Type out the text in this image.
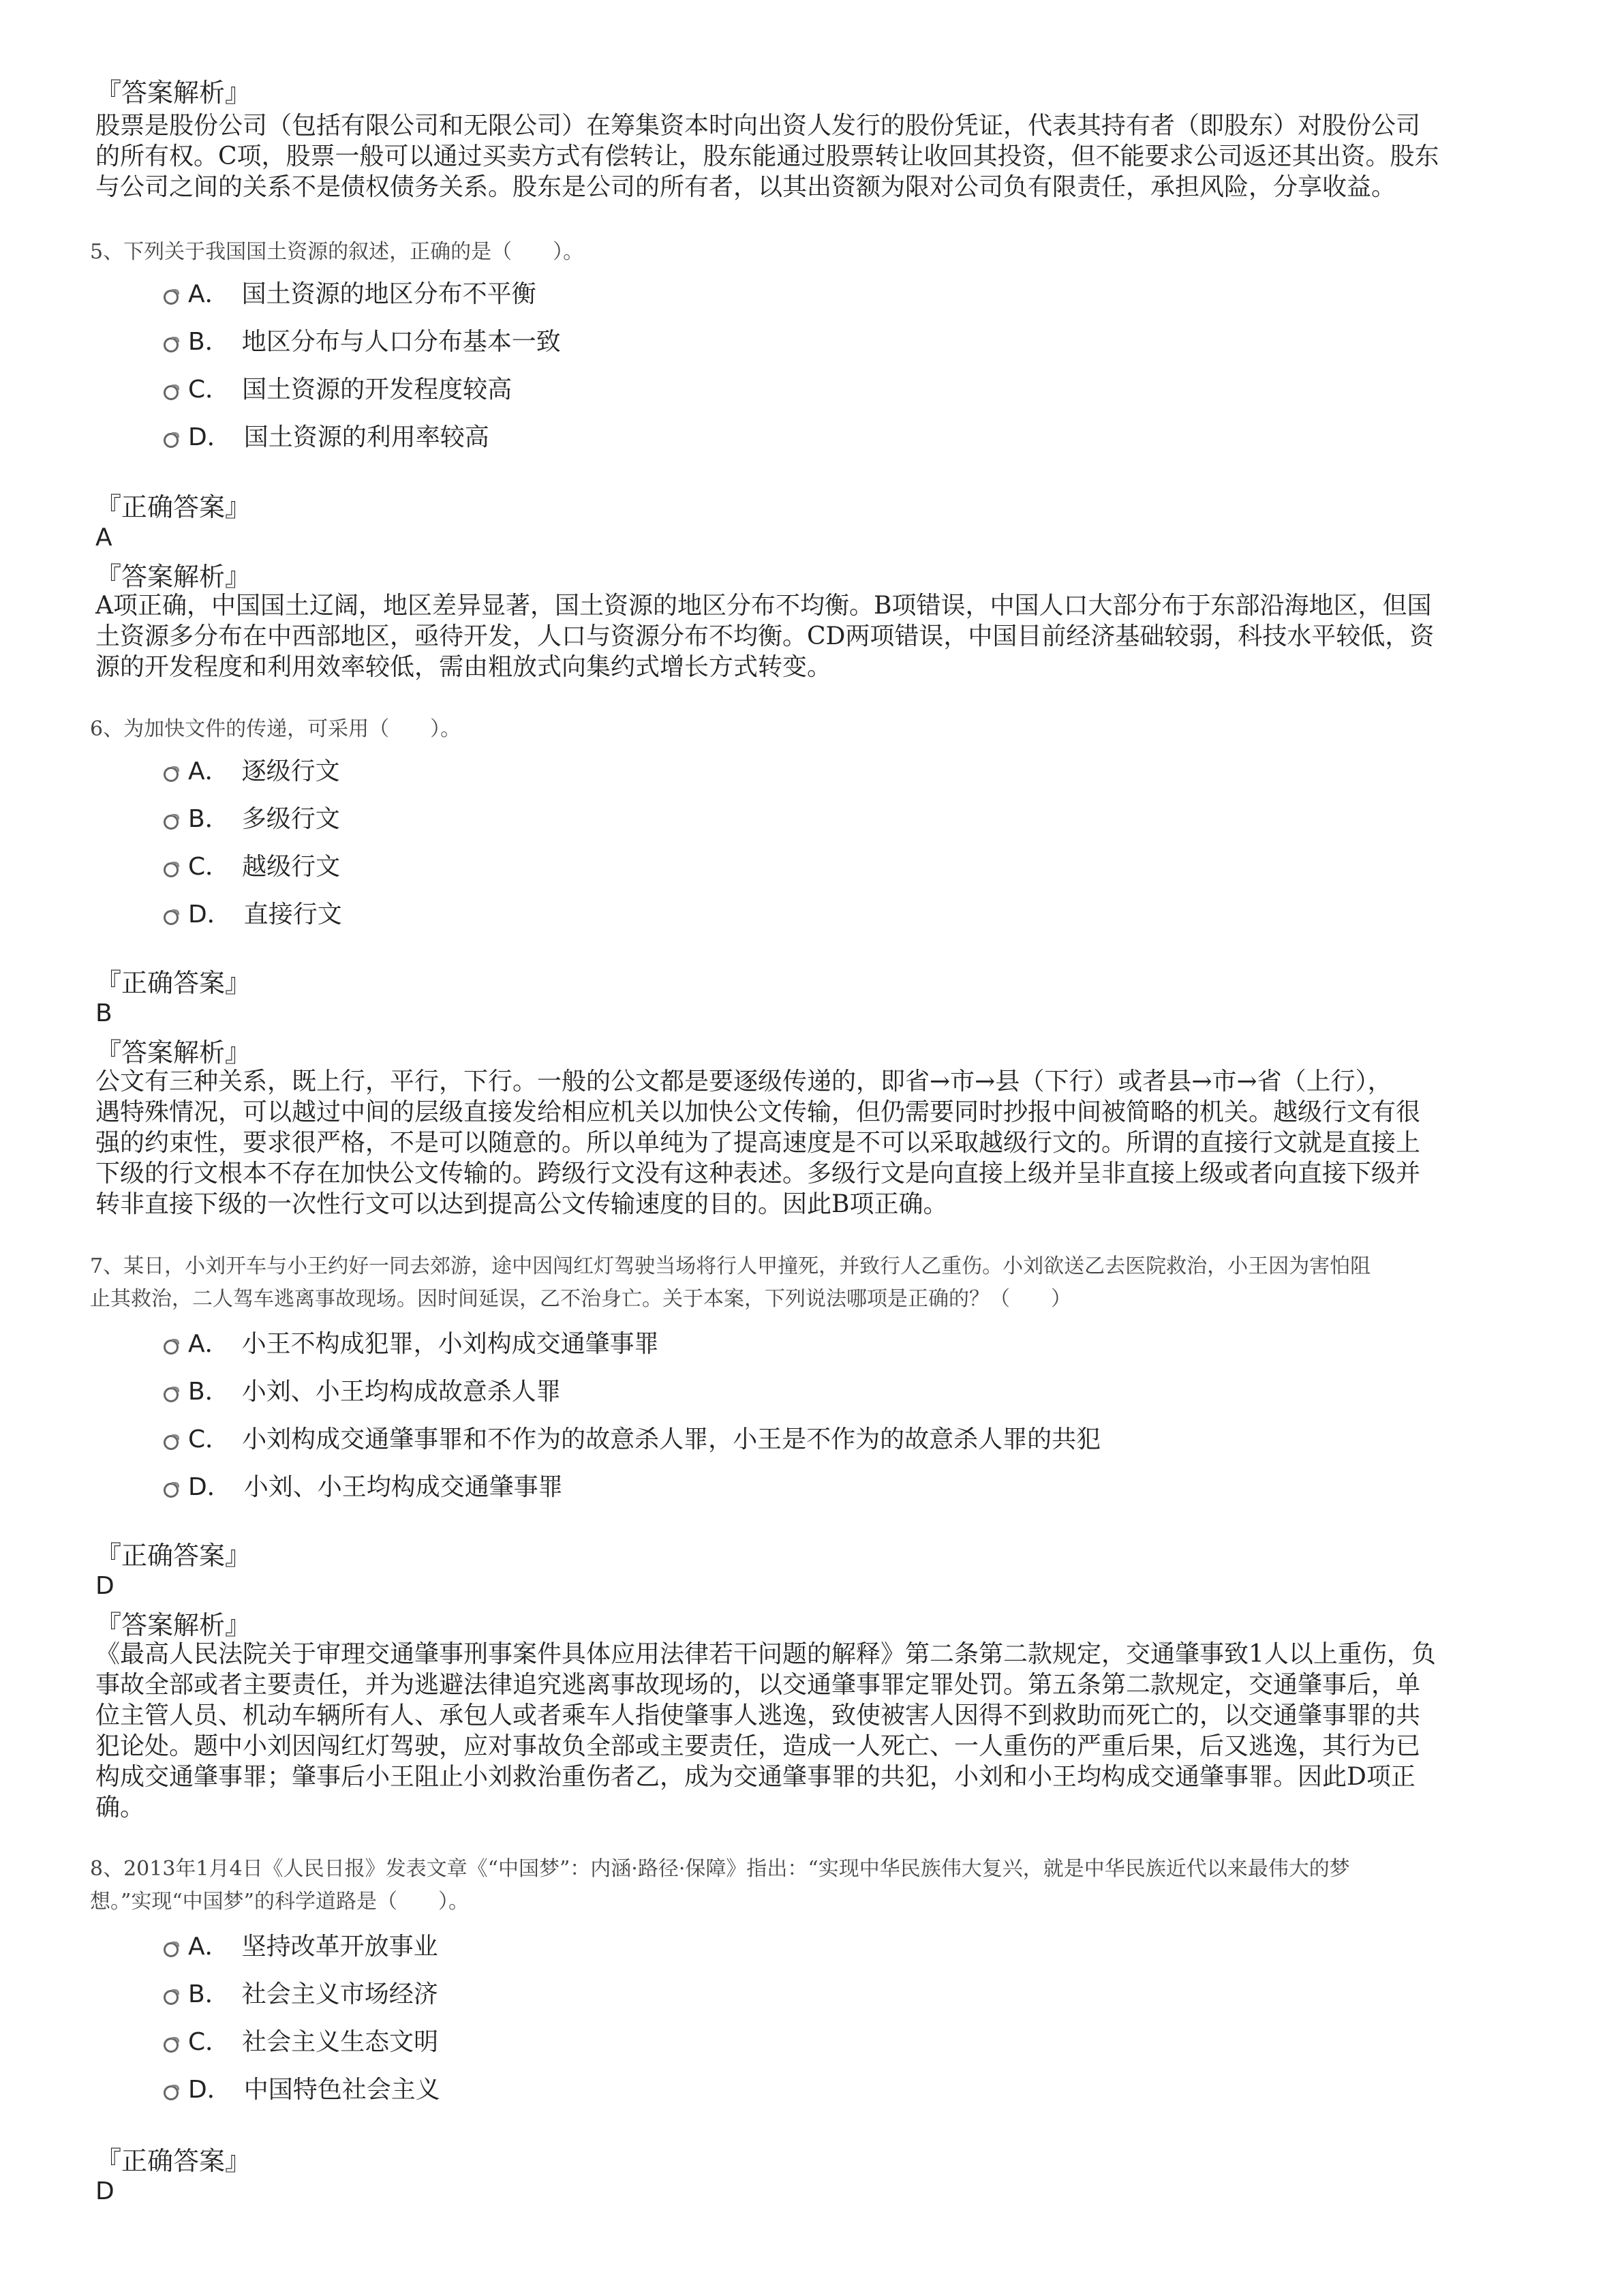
『答案解析』

股票是股份公司（包括有限公司和无限公司）在筹集资本时向出资人发行的股份凭证，代表其持有者（即股东）对股份公司

的所有权。C项，股票一般可以通过买卖方式有偿转让，股东能通过股票转让收回其投资，但不能要求公司返还其出资。股东

与公司之间的关系不是债权债务关系。股东是公司的所有者，以其出资额为限对公司负有限责任，承担风险，分享收益。

5、下列关于我国国土资源的叙述，正确的是（　　）。

A． 国土资源的地区分布不平衡
B． 地区分布与人口分布基本一致
C． 国土资源的开发程度较高
D． 国土资源的利用率较高
『正确答案』
A
『答案解析』

A项正确，中国国土辽阔，地区差异显著，国土资源的地区分布不均衡。B项错误，中国人口大部分布于东部沿海地区，但国

土资源多分布在中西部地区，亟待开发，人口与资源分布不均衡。CD两项错误，中国目前经济基础较弱，科技水平较低，资

源的开发程度和利用效率较低，需由粗放式向集约式增长方式转变。

6、为加快文件的传递，可采用（　　）。

A． 逐级行文
B． 多级行文
C． 越级行文
D． 直接行文
『正确答案』
B
『答案解析』

公文有三种关系，既上行，平行，下行。一般的公文都是要逐级传递的，即省→市→县（下行）或者县→市→省（上行），

遇特殊情况，可以越过中间的层级直接发给相应机关以加快公文传输，但仍需要同时抄报中间被简略的机关。越级行文有很

强的约束性，要求很严格，不是可以随意的。所以单纯为了提高速度是不可以采取越级行文的。所谓的直接行文就是直接上

下级的行文根本不存在加快公文传输的。跨级行文没有这种表述。多级行文是向直接上级并呈非直接上级或者向直接下级并

转非直接下级的一次性行文可以达到提高公文传输速度的目的。因此B项正确。

7、某日，小刘开车与小王约好一同去郊游，途中因闯红灯驾驶当场将行人甲撞死，并致行人乙重伤。小刘欲送乙去医院救治，小王因为害怕阻

止其救治，二人驾车逃离事故现场。因时间延误，乙不治身亡。关于本案，下列说法哪项是正确的？（　　）

A． 小王不构成犯罪，小刘构成交通肇事罪
B． 小刘、小王均构成故意杀人罪
C． 小刘构成交通肇事罪和不作为的故意杀人罪，小王是不作为的故意杀人罪的共犯
D． 小刘、小王均构成交通肇事罪
『正确答案』
D
『答案解析』

《最高人民法院关于审理交通肇事刑事案件具体应用法律若干问题的解释》第二条第二款规定，交通肇事致1人以上重伤，负

事故全部或者主要责任，并为逃避法律追究逃离事故现场的，以交通肇事罪定罪处罚。第五条第二款规定，交通肇事后，单

位主管人员、机动车辆所有人、承包人或者乘车人指使肇事人逃逸，致使被害人因得不到救助而死亡的，以交通肇事罪的共

犯论处。题中小刘因闯红灯驾驶，应对事故负全部或主要责任，造成一人死亡、一人重伤的严重后果，后又逃逸，其行为已

构成交通肇事罪；肇事后小王阻止小刘救治重伤者乙，成为交通肇事罪的共犯，小刘和小王均构成交通肇事罪。因此D项正

确。

8、2013年1月4日《人民日报》发表文章《“中国梦”：内涵·路径·保障》指出：“实现中华民族伟大复兴，就是中华民族近代以来最伟大的梦

想。”实现“中国梦”的科学道路是（　　）。

A． 坚持改革开放事业
B． 社会主义市场经济
C． 社会主义生态文明
D． 中国特色社会主义
『正确答案』
D
